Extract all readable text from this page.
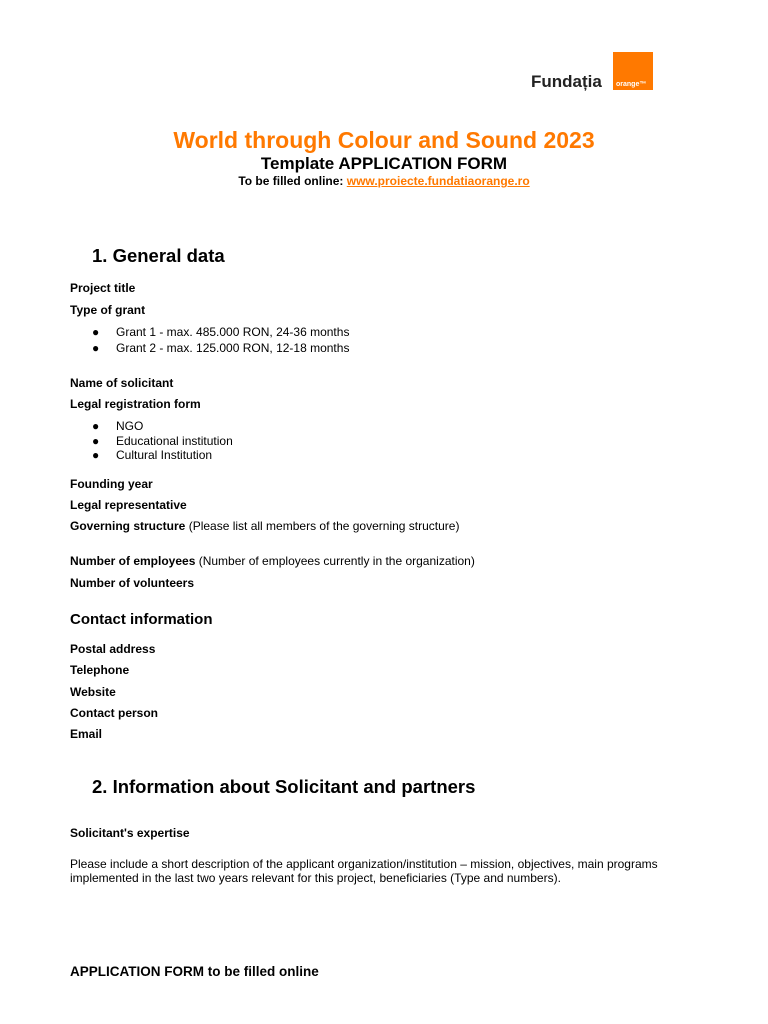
Fundația orange™
World through Colour and Sound 2023
Template APPLICATION FORM
To be filled online: www.proiecte.fundatiaorange.ro
1. General data
Project title
Type of grant
● Grant 1 - max. 485.000 RON, 24-36 months
● Grant 2 - max. 125.000 RON, 12-18 months
Name of solicitant
Legal registration form
● NGO
● Educational institution
● Cultural Institution
Founding year
Legal representative
Governing structure (Please list all members of the governing structure)
Number of employees (Number of employees currently in the organization)
Number of volunteers
Contact information
Postal address
Telephone
Website
Contact person
Email
2. Information about Solicitant and partners
Solicitant's expertise
Please include a short description of the applicant organization/institution – mission, objectives, main programs implemented in the last two years relevant for this project, beneficiaries (Type and numbers).
APPLICATION FORM to be filled online
